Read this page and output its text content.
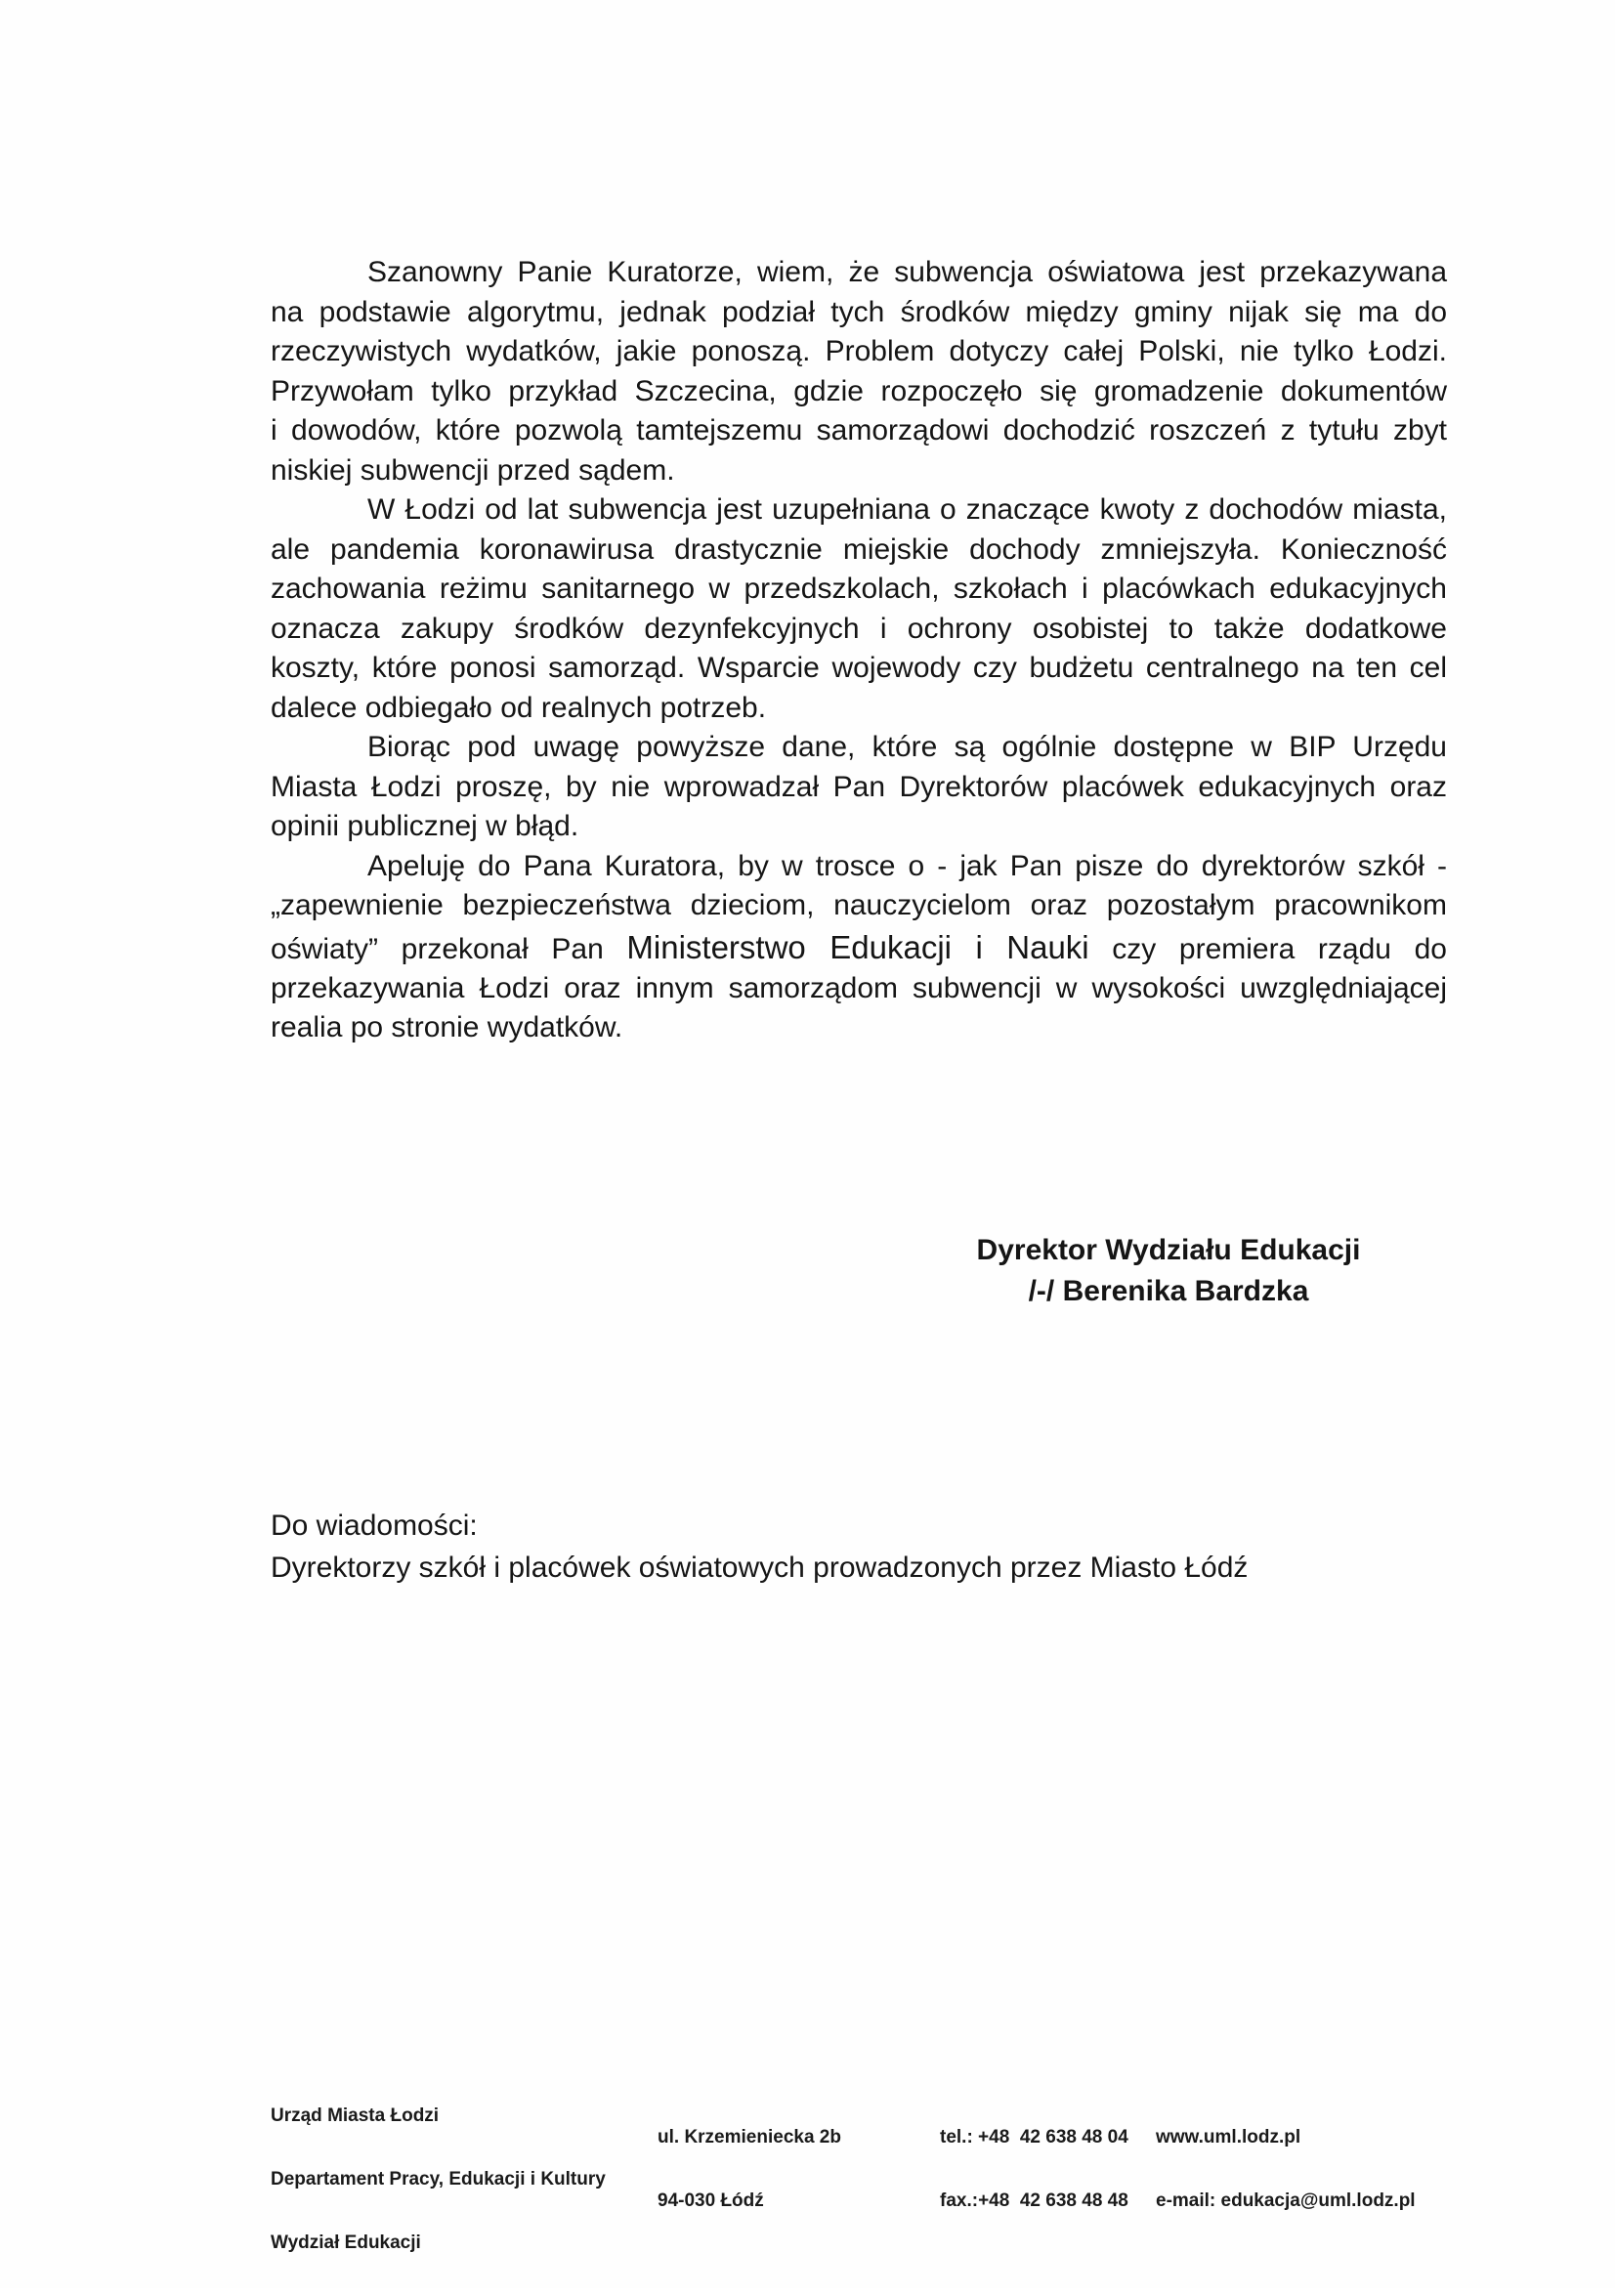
Szanowny Panie Kuratorze, wiem, że subwencja oświatowa jest przekazywana
na podstawie algorytmu, jednak podział tych środków między gminy nijak się ma do
rzeczywistych wydatków, jakie ponoszą. Problem dotyczy całej Polski, nie tylko Łodzi.
Przywołam tylko przykład Szczecina, gdzie rozpoczęło się gromadzenie dokumentów
i dowodów, które pozwolą tamtejszemu samorządowi dochodzić roszczeń z tytułu zbyt
niskiej subwencji przed sądem.
W Łodzi od lat subwencja jest uzupełniana o znaczące kwoty z dochodów miasta,
ale pandemia koronawirusa drastycznie miejskie dochody zmniejszyła. Konieczność
zachowania reżimu sanitarnego w przedszkolach, szkołach i placówkach edukacyjnych
oznacza zakupy środków dezynfekcyjnych i ochrony osobistej to także dodatkowe
koszty, które ponosi samorząd. Wsparcie wojewody czy budżetu centralnego na ten cel
dalece odbiegało od realnych potrzeb.
Biorąc pod uwagę powyższe dane, które są ogólnie dostępne w BIP Urzędu
Miasta Łodzi proszę, by nie wprowadzał Pan Dyrektorów placówek edukacyjnych oraz
opinii publicznej w błąd.
Apeluję do Pana Kuratora, by w trosce o - jak Pan pisze do dyrektorów szkół -
„zapewnienie bezpieczeństwa dzieciom, nauczycielom oraz pozostałym pracownikom
oświaty” przekonał Pan Ministerstwo Edukacji i Nauki czy premiera rządu do
przekazywania Łodzi oraz innym samorządom subwencji w wysokości uwzględniającej
realia po stronie wydatków.
Dyrektor Wydziału Edukacji
/-/ Berenika Bardzka
Do wiadomości:
Dyrektorzy szkół i placówek oświatowych prowadzonych przez Miasto Łódź

Urząd Miasta Łodzi

Departament Pracy, Edukacji i Kultury

Wydział Edukacji

ul. Krzemieniecka 2b

94-030 Łódź

tel.: +48  42 638 48 04

fax.:+48  42 638 48 48

www.uml.lodz.pl

e-mail: edukacja@uml.lodz.pl
